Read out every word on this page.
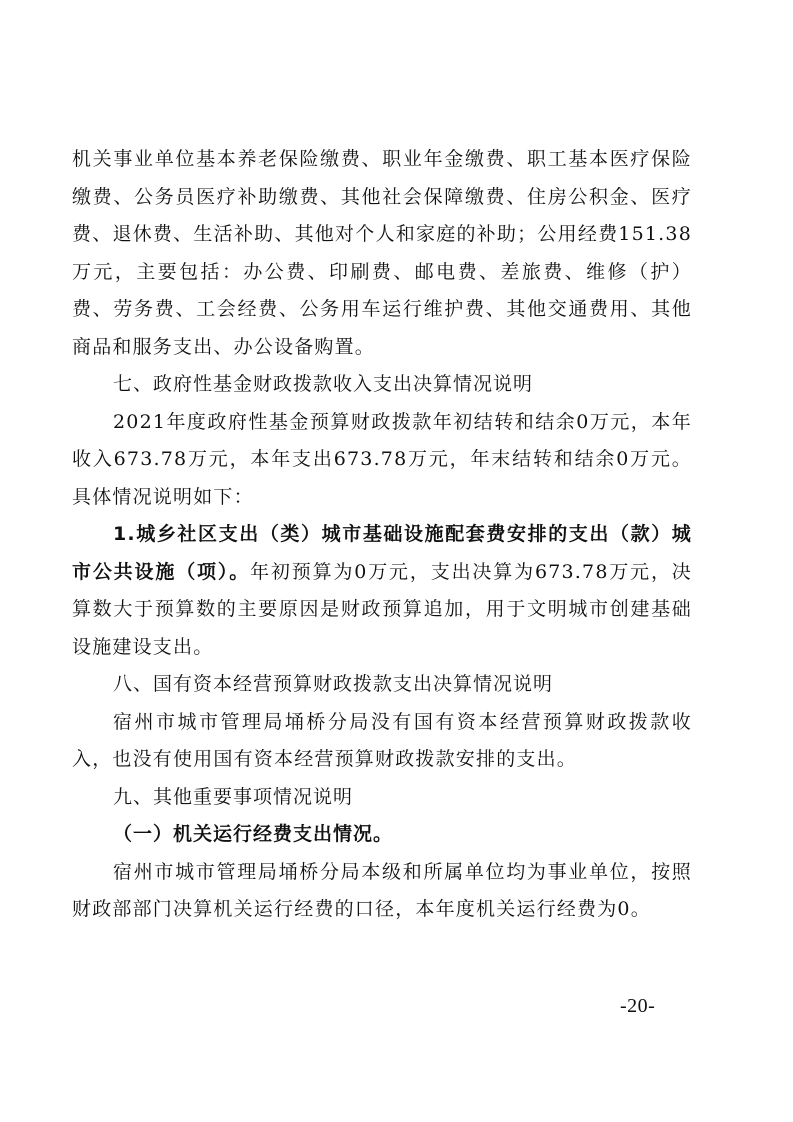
机关事业单位基本养老保险缴费、职业年金缴费、职工基本医疗保险缴费、公务员医疗补助缴费、其他社会保障缴费、住房公积金、医疗费、退休费、生活补助、其他对个人和家庭的补助；公用经费151.38万元，主要包括：办公费、印刷费、邮电费、差旅费、维修（护）费、劳务费、工会经费、公务用车运行维护费、其他交通费用、其他商品和服务支出、办公设备购置。

七、政府性基金财政拨款收入支出决算情况说明

2021年度政府性基金预算财政拨款年初结转和结余0万元，本年收入673.78万元，本年支出673.78万元，年末结转和结余0万元。具体情况说明如下：

1.城乡社区支出（类）城市基础设施配套费安排的支出（款）城市公共设施（项）。年初预算为0万元，支出决算为673.78万元，决算数大于预算数的主要原因是财政预算追加，用于文明城市创建基础设施建设支出。

八、国有资本经营预算财政拨款支出决算情况说明

宿州市城市管理局埇桥分局没有国有资本经营预算财政拨款收入，也没有使用国有资本经营预算财政拨款安排的支出。

九、其他重要事项情况说明

（一）机关运行经费支出情况。

宿州市城市管理局埇桥分局本级和所属单位均为事业单位，按照财政部部门决算机关运行经费的口径，本年度机关运行经费为0。

-20-
